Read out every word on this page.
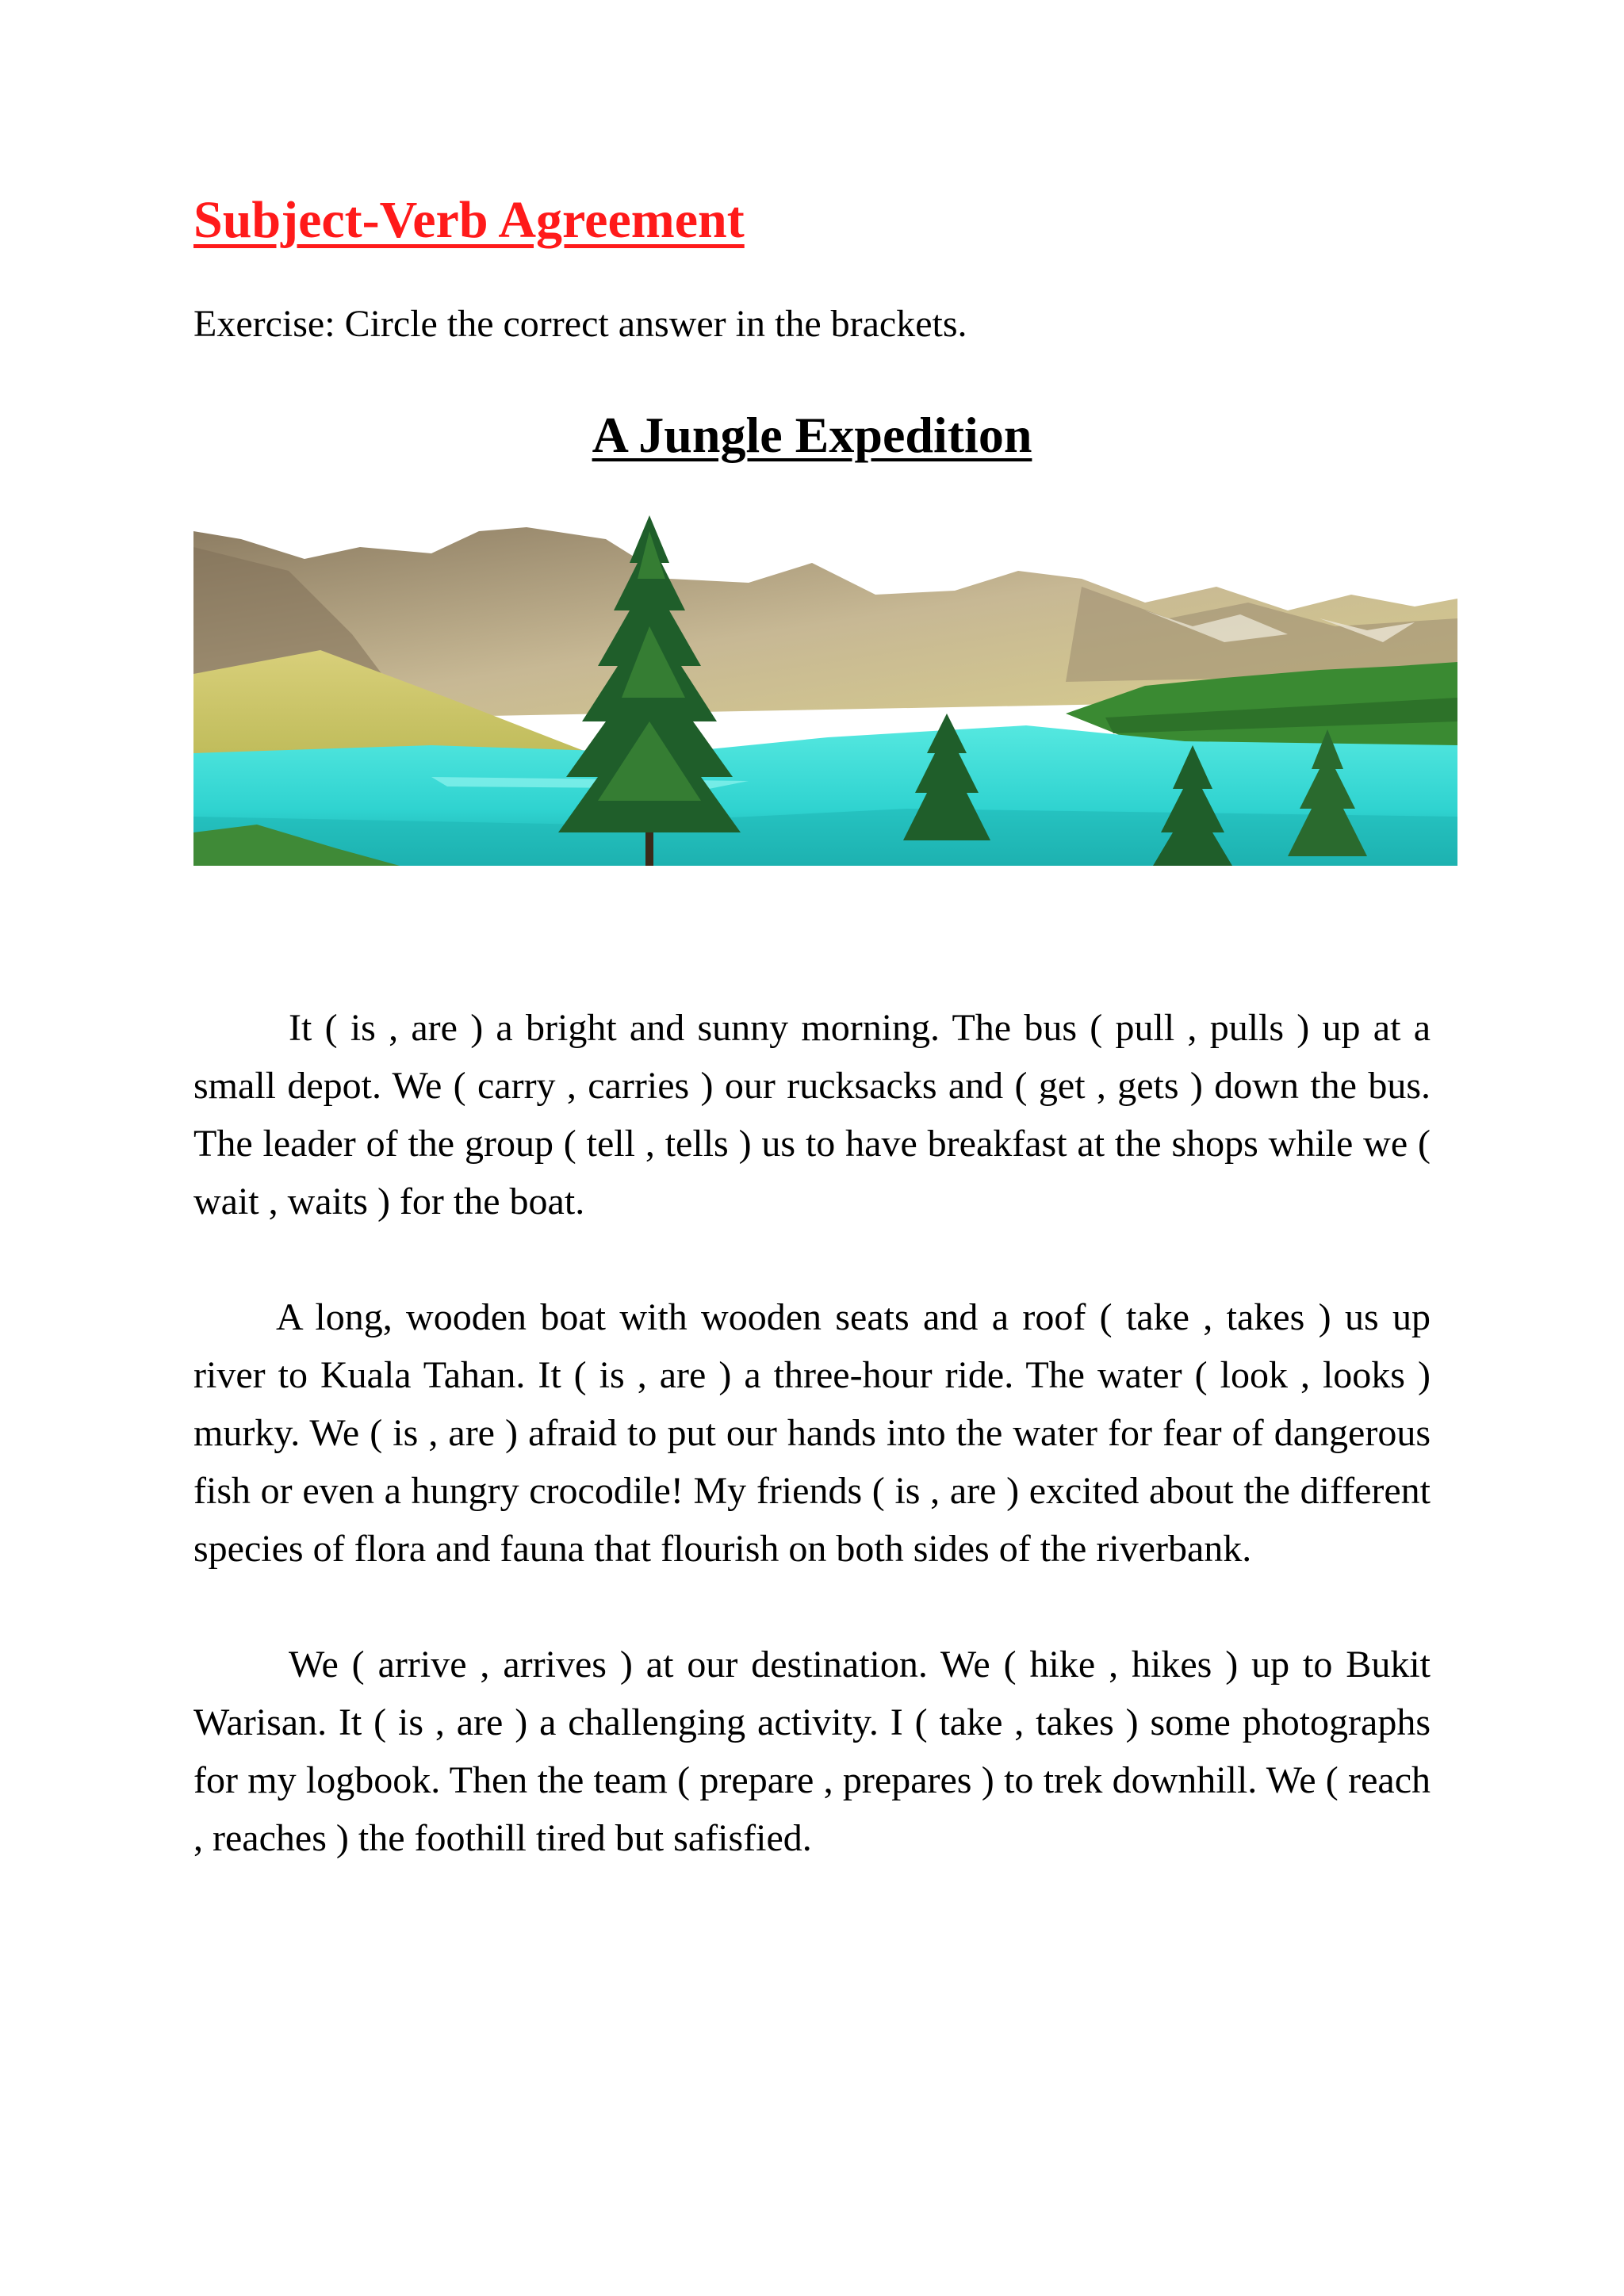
Subject-Verb Agreement

Exercise: Circle the correct answer in the brackets.

A Jungle Expedition

It ( is , are ) a bright and sunny morning. The bus ( pull , pulls ) up at a small depot. We ( carry , carries ) our rucksacks and ( get , gets ) down the bus. The leader of the group ( tell , tells ) us to have breakfast at the shops while we ( wait , waits ) for the boat.

A long, wooden boat with wooden seats and a roof ( take , takes ) us up river to Kuala Tahan. It ( is , are ) a three-hour ride. The water ( look , looks ) murky. We ( is , are ) afraid to put our hands into the water for fear of dangerous fish or even a hungry crocodile! My friends ( is , are ) excited about the different species of flora and fauna that flourish on both sides of the riverbank.

We ( arrive , arrives ) at our destination. We ( hike , hikes ) up to Bukit Warisan. It ( is , are ) a challenging activity. I ( take , takes ) some photographs for my logbook. Then the team ( prepare , prepares ) to trek downhill. We ( reach , reaches ) the foothill tired but safisfied.
